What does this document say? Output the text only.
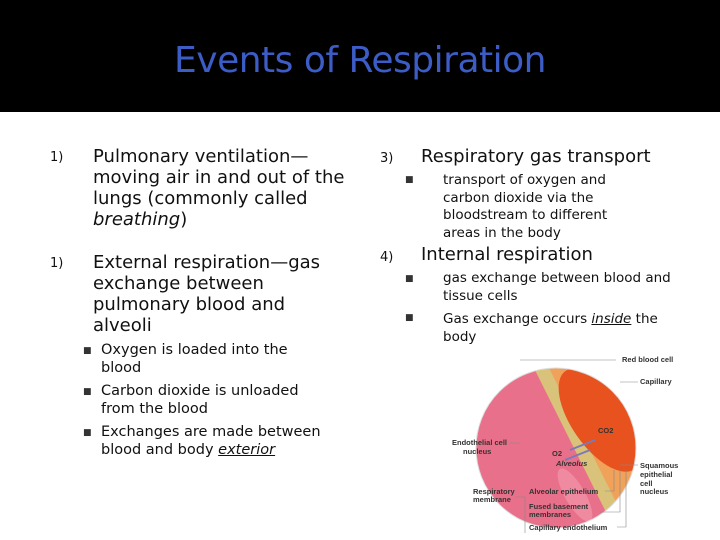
Events of Respiration
1) Pulmonary ventilation—moving air in and out of the lungs (commonly called breathing)
1) External respiration—gas exchange between pulmonary blood and alveoli
■ Oxygen is loaded into the blood
■ Carbon dioxide is unloaded from the blood
■ Exchanges are made between blood and body exterior
3) Respiratory gas transport
■ transport of oxygen and carbon dioxide via the bloodstream to different areas in the body
4) Internal respiration
■ gas exchange between blood and tissue cells
■ Gas exchange occurs inside the body
Red blood cell
Capillary
Endothelial cell
nucleus	O2
CO2
Alveolus	Squamous
epithelial
cell
nucleus
Respiratory
membrane
Alveolar epithelium
Fused basement
membranes
Capillary endothelium
